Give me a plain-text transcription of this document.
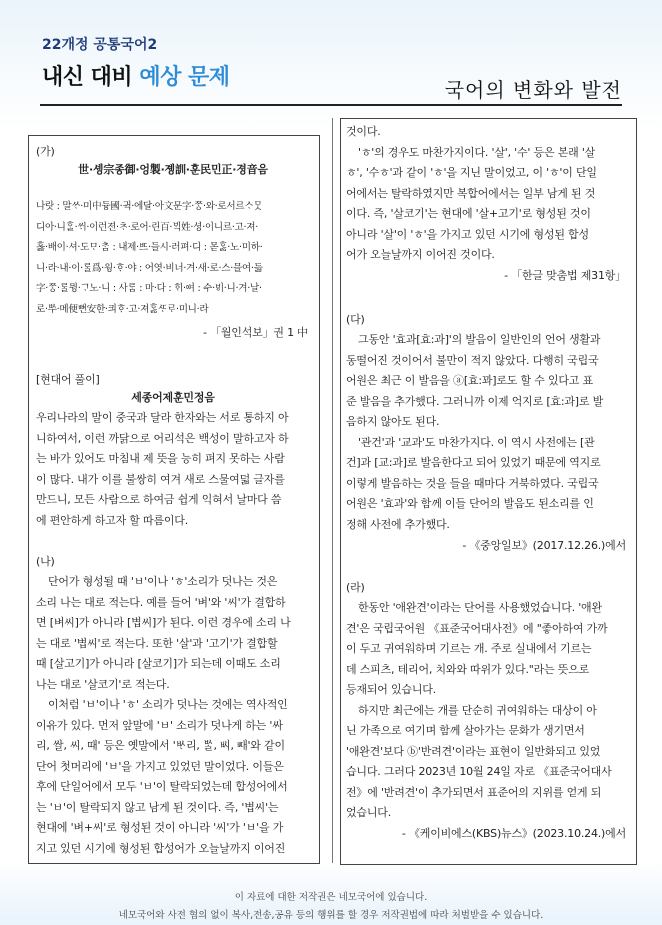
22개정 공통국어2
내신 대비 예상 문제	국어의 변화와 발전
(가)
世·솅宗종御·엉製·졩訓·훈民민正·졍音음
나랏 : 말ᄊᆞ·미中듀ᇰ國·귁·에달·아文문字·ᄍᆞᆼ·와·로서르ᄉᆞᄆᆞᆺ
디아·니ᄒᆞᆯ·ᄊᆡ·이런젼·ᄎᆞ·로어·린百·ᄇᆡᆨ姓·셩·이니르·고·져·
홇·배이·셔·도ᄆᆞ·ᄎᆞᆷ : 내제·ᄠᅳ·들시·러펴·디 : 몯ᄒᆞᇙ·노·미하·
니·라·내·이·ᄅᆞᆯ爲·윙·ᄒᆞ·야 : 어엿·비너·겨·새·로·스·믈여·듧
字·ᄍᆞᆼ·ᄅᆞᆯ뮝·ᄀᆞ노·니 : 사ᄅᆞᆷ : 마·다 : ᄒᆡ·ᅇᅧ : 수·ᄫᅵ·니·겨·날·
로·ᄡᅮ·메便뼌安한·킈ᄒᆞ·고·져ᄒᆞᇙᄯᆞᄅᆞ·미니·라
- 「월인석보」권 1 中
[현대어 풀이]
세종어제훈민정음
우리나라의 말이 중국과 달라 한자와는 서로 통하지 아
니하여서, 이런 까닭으로 어리석은 백성이 말하고자 하
는 바가 있어도 마침내 제 뜻을 능히 펴지 못하는 사람
이 많다. 내가 이를 불쌍히 여겨 새로 스물여덟 글자를
만드니, 모든 사람으로 하여금 쉽게 익혀서 날마다 씀
에 편안하게 하고자 할 따름이다.
(나)
단어가 형성될 때 'ㅂ'이나 'ㅎ'소리가 덧나는 것은
소리 나는 대로 적는다. 예를 들어 '벼'와 '씨'가 결합하
면 [벼씨]가 아니라 [볍씨]가 된다. 이런 경우에 소리 나
는 대로 '볍씨'로 적는다. 또한 '살'과 '고기'가 결합할
때 [살고기]가 아니라 [살코기]가 되는데 이때도 소리
나는 대로 '살코기'로 적는다.
이처럼 'ㅂ'이나 'ㅎ' 소리가 덧나는 것에는 역사적인
이유가 있다. 먼저 앞말에 'ㅂ' 소리가 덧나게 하는 '싸
리, 쌀, 씨, 때' 등은 옛말에서 'ᄡᆞ리, ᄡᆞᆯ, ᄡᅵ, ᄣᅢ'와 같이
단어 첫머리에 'ㅂ'을 가지고 있었던 말이었다. 이들은
후에 단일어에서 모두 'ㅂ'이 탈락되었는데 합성어에서
는 'ㅂ'이 탈락되지 않고 남게 된 것이다. 즉, '볍씨'는
현대에 '벼+씨'로 형성된 것이 아니라 '씨'가 'ㅂ'을 가
지고 있던 시기에 형성된 합성어가 오늘날까지 이어진
것이다.
'ㅎ'의 경우도 마찬가지이다. '살', '수' 등은 본래 '살
ㅎ', '수ㅎ'과 같이 'ㅎ'을 지닌 말이었고, 이 'ㅎ'이 단일
어에서는 탈락하였지만 복합어에서는 일부 남게 된 것
이다. 즉, '살코기'는 현대에 '살+고기'로 형성된 것이
아니라 '살'이 'ㅎ'을 가지고 있던 시기에 형성된 합성
어가 오늘날까지 이어진 것이다.
- 「한글 맞춤법 제31항」
(다)
그동안 '효과[효:과]'의 발음이 일반인의 언어 생활과
동떨어진 것이어서 불만이 적지 않았다. 다행히 국립국
어원은 최근 이 발음을 ⓐ[효:꽈]로도 할 수 있다고 표
준 발음을 추가했다. 그러니까 이제 억지로 [효:과]로 발
음하지 않아도 된다.
'관건'과 '교과'도 마찬가지다. 이 역시 사전에는 [관
건]과 [교:과]로 발음한다고 되어 있었기 때문에 역지로
이렇게 발음하는 것을 들을 때마다 거북하였다. 국립국
어원은 '효과'와 함께 이들 단어의 발음도 된소리를 인
정해 사전에 추가했다.
- 《중앙일보》(2017.12.26.)에서
(라)
한동안 '애완견'이라는 단어를 사용했었습니다. '애완
견'은 국립국어원 《표준국어대사전》에 "좋아하여 가까
이 두고 귀여워하며 기르는 개. 주로 실내에서 기르는
데 스피츠, 테리어, 치와와 따위가 있다."라는 뜻으로
등재되어 있습니다.
하지만 최근에는 개를 단순히 귀여워하는 대상이 아
닌 가족으로 여기며 함께 살아가는 문화가 생기면서
'애완견'보다 ⓑ'반려견'이라는 표현이 일반화되고 있었
습니다. 그러다 2023년 10월 24일 자로 《표준국어대사
전》에 '반려견'이 추가되면서 표준어의 지위를 얻게 되
었습니다.
- 《케이비에스(KBS)뉴스》(2023.10.24.)에서
이 자료에 대한 저작권은 네모국어에 있습니다.
네모국어와 사전 협의 없이 복사,전송,공유 등의 행위를 할 경우 저작권법에 따라 처벌받을 수 있습니다.
